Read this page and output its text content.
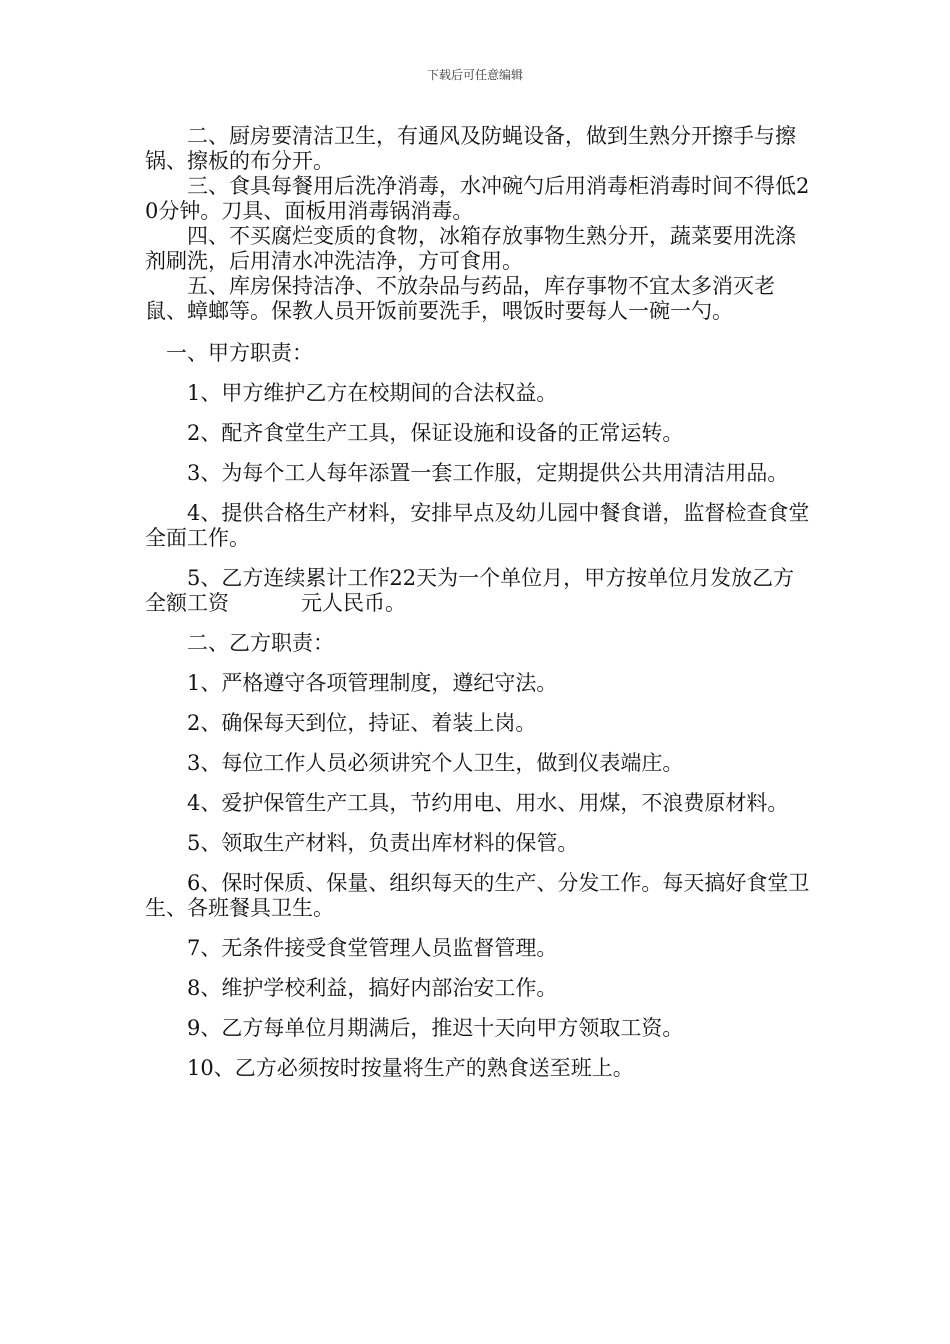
下载后可任意编辑

二、厨房要清洁卫生，有通风及防蝇设备，做到生熟分开擦手与擦锅、擦板的布分开。

三、食具每餐用后洗净消毒，水冲碗勺后用消毒柜消毒时间不得低20分钟。刀具、面板用消毒锅消毒。

四、不买腐烂变质的食物，冰箱存放事物生熟分开，蔬菜要用洗涤剂刷洗，后用清水冲洗洁净，方可食用。

五、库房保持洁净、不放杂品与药品，库存事物不宜太多消灭老鼠、蟑螂等。保教人员开饭前要洗手，喂饭时要每人一碗一勺。

一、甲方职责：

1、甲方维护乙方在校期间的合法权益。

2、配齐食堂生产工具，保证设施和设备的正常运转。

3、为每个工人每年添置一套工作服，定期提供公共用清洁用品。

4、提供合格生产材料，安排早点及幼儿园中餐食谱，监督检查食堂全面工作。

5、乙方连续累计工作22天为一个单位月，甲方按单位月发放乙方全额工资	元人民币。

二、乙方职责：

1、严格遵守各项管理制度，遵纪守法。

2、确保每天到位，持证、着装上岗。

3、每位工作人员必须讲究个人卫生，做到仪表端庄。

4、爱护保管生产工具，节约用电、用水、用煤，不浪费原材料。

5、领取生产材料，负责出库材料的保管。

6、保时保质、保量、组织每天的生产、分发工作。每天搞好食堂卫生、各班餐具卫生。

7、无条件接受食堂管理人员监督管理。

8、维护学校利益，搞好内部治安工作。

9、乙方每单位月期满后，推迟十天向甲方领取工资。

10、乙方必须按时按量将生产的熟食送至班上。
